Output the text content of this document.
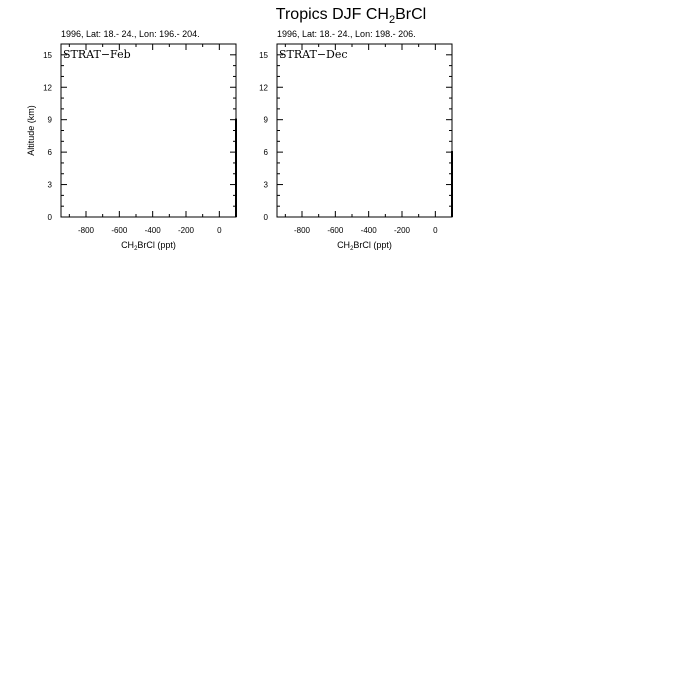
Tropics DJF $CH_2BrCl$
1996, Lat: 18.- 24., Lon: 196.- 204.
-800 -600 -400 -200	0
0
3
6
9
12
15 STRAT−Feb
$CH_2BrCl$ (ppt)
Altitude (km)
1996, Lat: 18.- 24., Lon: 198.- 206.
-800 -600 -400 -200	0
0
3
6
9
12
15 STRAT−Dec
$CH_2BrCl$ (ppt)
